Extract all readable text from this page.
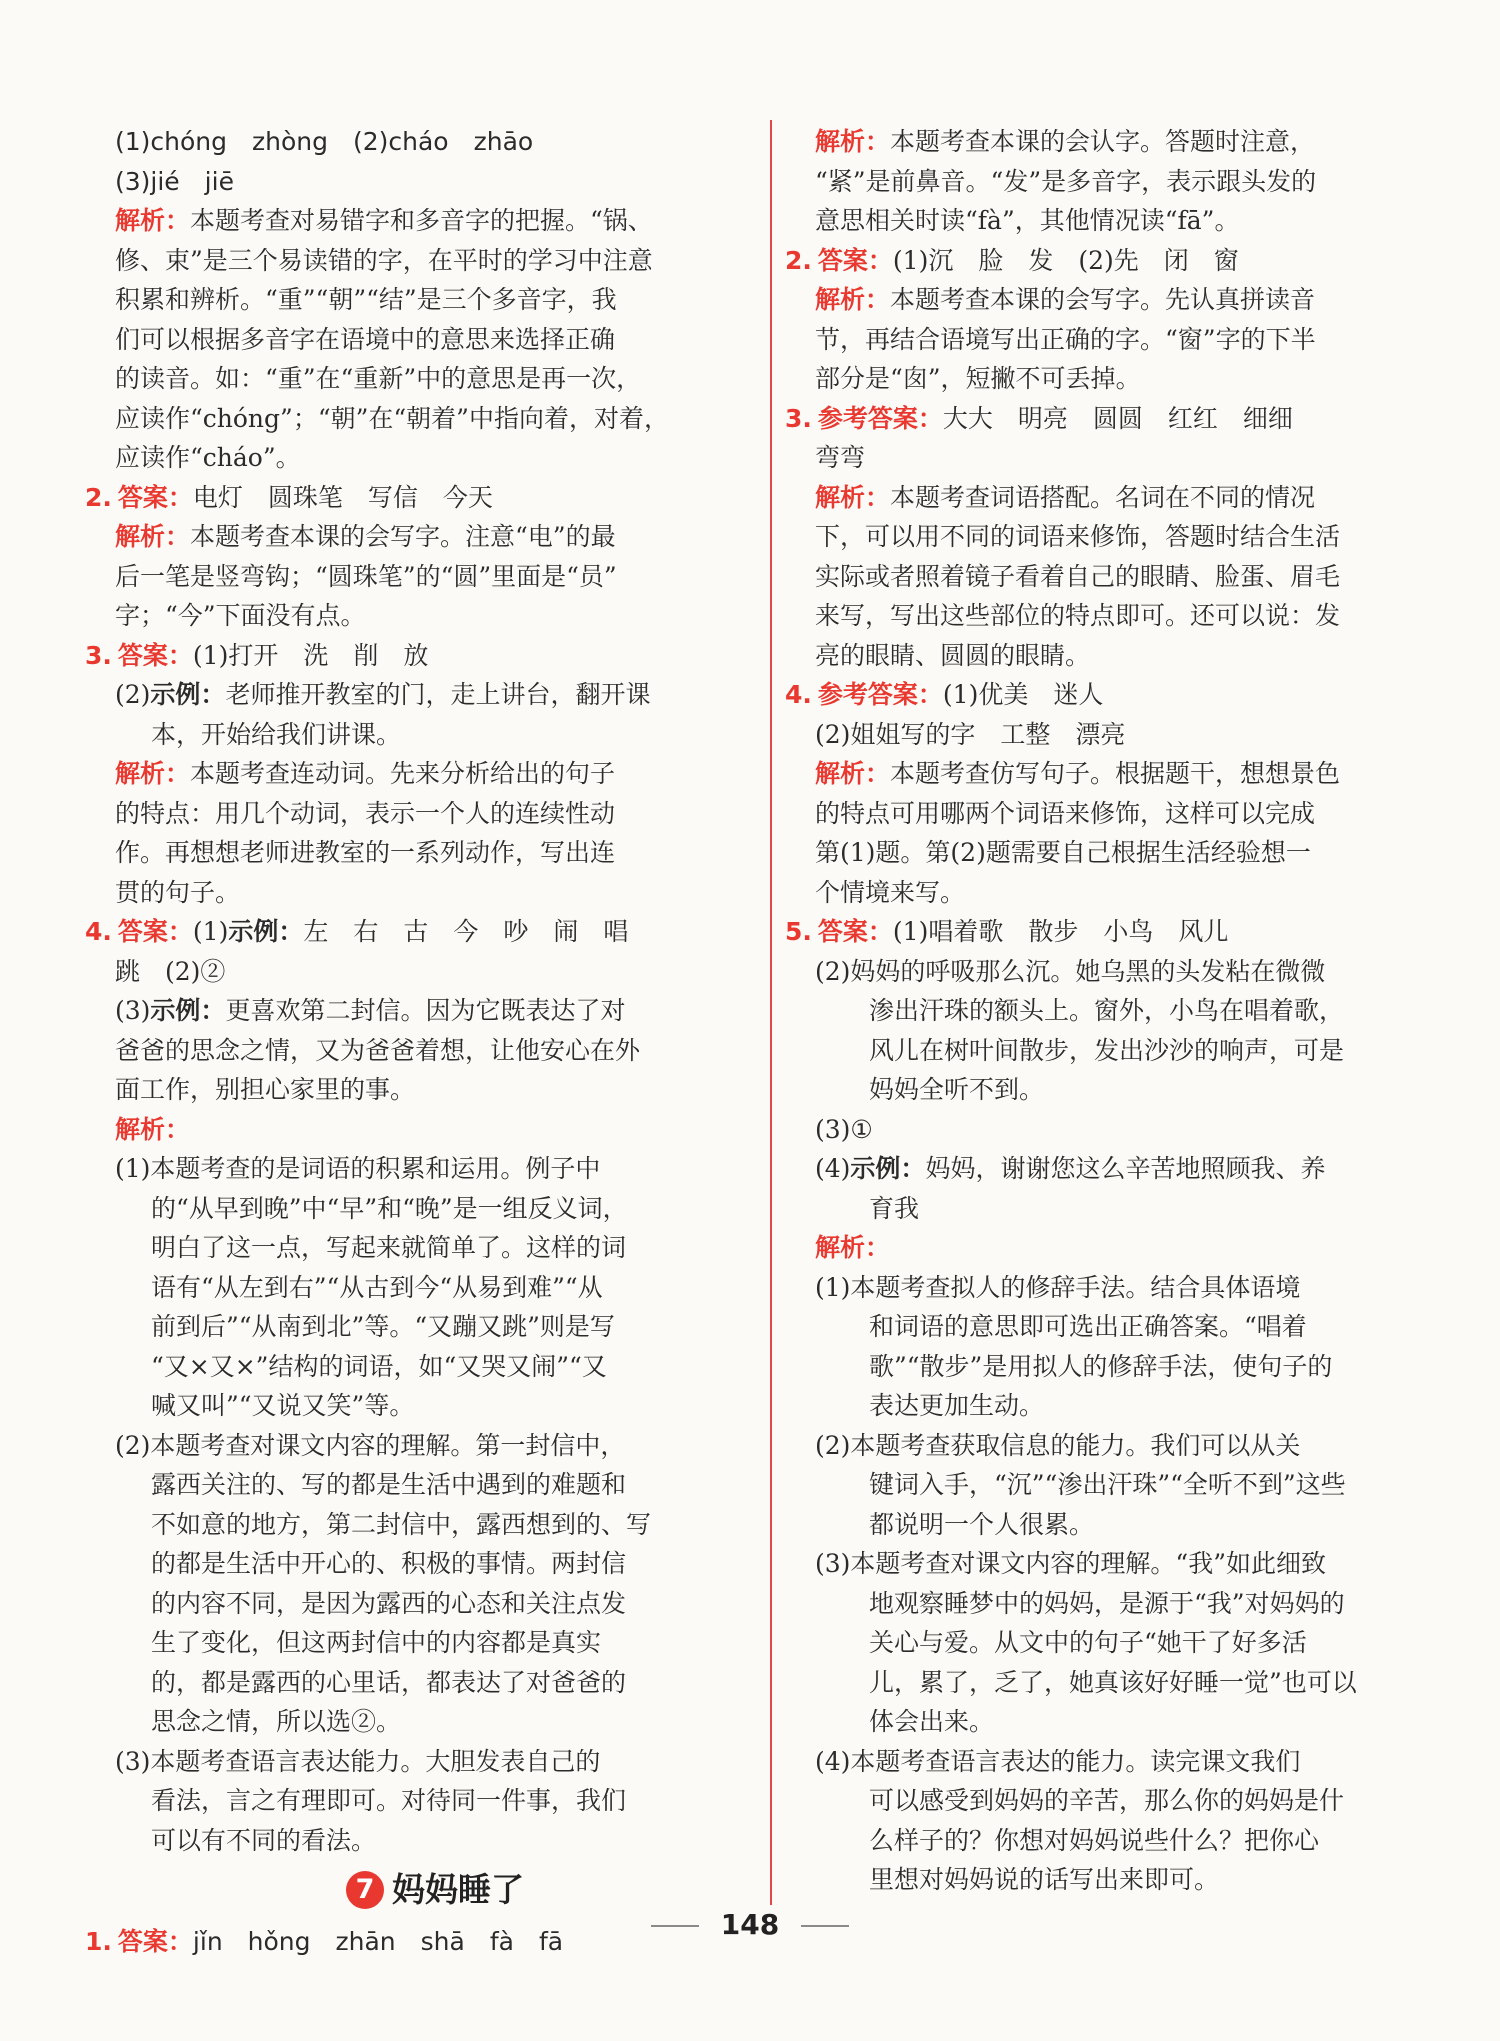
(1)chóng　zhòng　(2)cháo　zhāo
(3)jié　jiē
解析：本题考查对易错字和多音字的把握。“锅、
修、束”是三个易读错的字，在平时的学习中注意
积累和辨析。“重”“朝”“结”是三个多音字，我
们可以根据多音字在语境中的意思来选择正确
的读音。如：“重”在“重新”中的意思是再一次，
应读作“chóng”；“朝”在“朝着”中指向着，对着，
应读作“cháo”。
2. 答案：电灯　圆珠笔　写信　今天
解析：本题考查本课的会写字。注意“电”的最
后一笔是竖弯钩；“圆珠笔”的“圆”里面是“员”
字；“今”下面没有点。
3. 答案：(1)打开　洗　削　放
(2)示例：老师推开教室的门，走上讲台，翻开课
本，开始给我们讲课。
解析：本题考查连动词。先来分析给出的句子
的特点：用几个动词，表示一个人的连续性动
作。再想想老师进教室的一系列动作，写出连
贯的句子。
4. 答案：(1)示例：左　右　古　今　吵　闹　唱
跳　(2)②
(3)示例：更喜欢第二封信。因为它既表达了对
爸爸的思念之情，又为爸爸着想，让他安心在外
面工作，别担心家里的事。
解析：
(1)本题考查的是词语的积累和运用。例子中
的“从早到晚”中“早”和“晚”是一组反义词，
明白了这一点，写起来就简单了。这样的词
语有“从左到右”“从古到今“从易到难”“从
前到后”“从南到北”等。“又蹦又跳”则是写
“又×又×”结构的词语，如“又哭又闹”“又
喊又叫”“又说又笑”等。
(2)本题考查对课文内容的理解。第一封信中，
露西关注的、写的都是生活中遇到的难题和
不如意的地方，第二封信中，露西想到的、写
的都是生活中开心的、积极的事情。两封信
的内容不同，是因为露西的心态和关注点发
生了变化，但这两封信中的内容都是真实
的，都是露西的心里话，都表达了对爸爸的
思念之情，所以选②。
(3)本题考查语言表达能力。大胆发表自己的
看法，言之有理即可。对待同一件事，我们
可以有不同的看法。
7 妈妈睡了
1. 答案：jǐn　hǒng　zhān　shā　fà　fā
解析：本题考查本课的会认字。答题时注意，
“紧”是前鼻音。“发”是多音字，表示跟头发的
意思相关时读“fà”，其他情况读“fā”。
2. 答案：(1)沉　脸　发　(2)先　闭　窗
解析：本题考查本课的会写字。先认真拼读音
节，再结合语境写出正确的字。“窗”字的下半
部分是“囱”，短撇不可丢掉。
3. 参考答案：大大　明亮　圆圆　红红　细细
弯弯
解析：本题考查词语搭配。名词在不同的情况
下，可以用不同的词语来修饰，答题时结合生活
实际或者照着镜子看着自己的眼睛、脸蛋、眉毛
来写，写出这些部位的特点即可。还可以说：发
亮的眼睛、圆圆的眼睛。
4. 参考答案：(1)优美　迷人
(2)姐姐写的字　工整　漂亮
解析：本题考查仿写句子。根据题干，想想景色
的特点可用哪两个词语来修饰，这样可以完成
第(1)题。第(2)题需要自己根据生活经验想一
个情境来写。
5. 答案：(1)唱着歌　散步　小鸟　风儿
(2)妈妈的呼吸那么沉。她乌黑的头发粘在微微
渗出汗珠的额头上。窗外，小鸟在唱着歌，
风儿在树叶间散步，发出沙沙的响声，可是
妈妈全听不到。
(3)①
(4)示例：妈妈，谢谢您这么辛苦地照顾我、养
育我
解析：
(1)本题考查拟人的修辞手法。结合具体语境
和词语的意思即可选出正确答案。“唱着
歌”“散步”是用拟人的修辞手法，使句子的
表达更加生动。
(2)本题考查获取信息的能力。我们可以从关
键词入手，“沉”“渗出汗珠”“全听不到”这些
都说明一个人很累。
(3)本题考查对课文内容的理解。“我”如此细致
地观察睡梦中的妈妈，是源于“我”对妈妈的
关心与爱。从文中的句子“她干了好多活
儿，累了，乏了，她真该好好睡一觉”也可以
体会出来。
(4)本题考查语言表达的能力。读完课文我们
可以感受到妈妈的辛苦，那么你的妈妈是什
么样子的？你想对妈妈说些什么？把你心
里想对妈妈说的话写出来即可。
148
